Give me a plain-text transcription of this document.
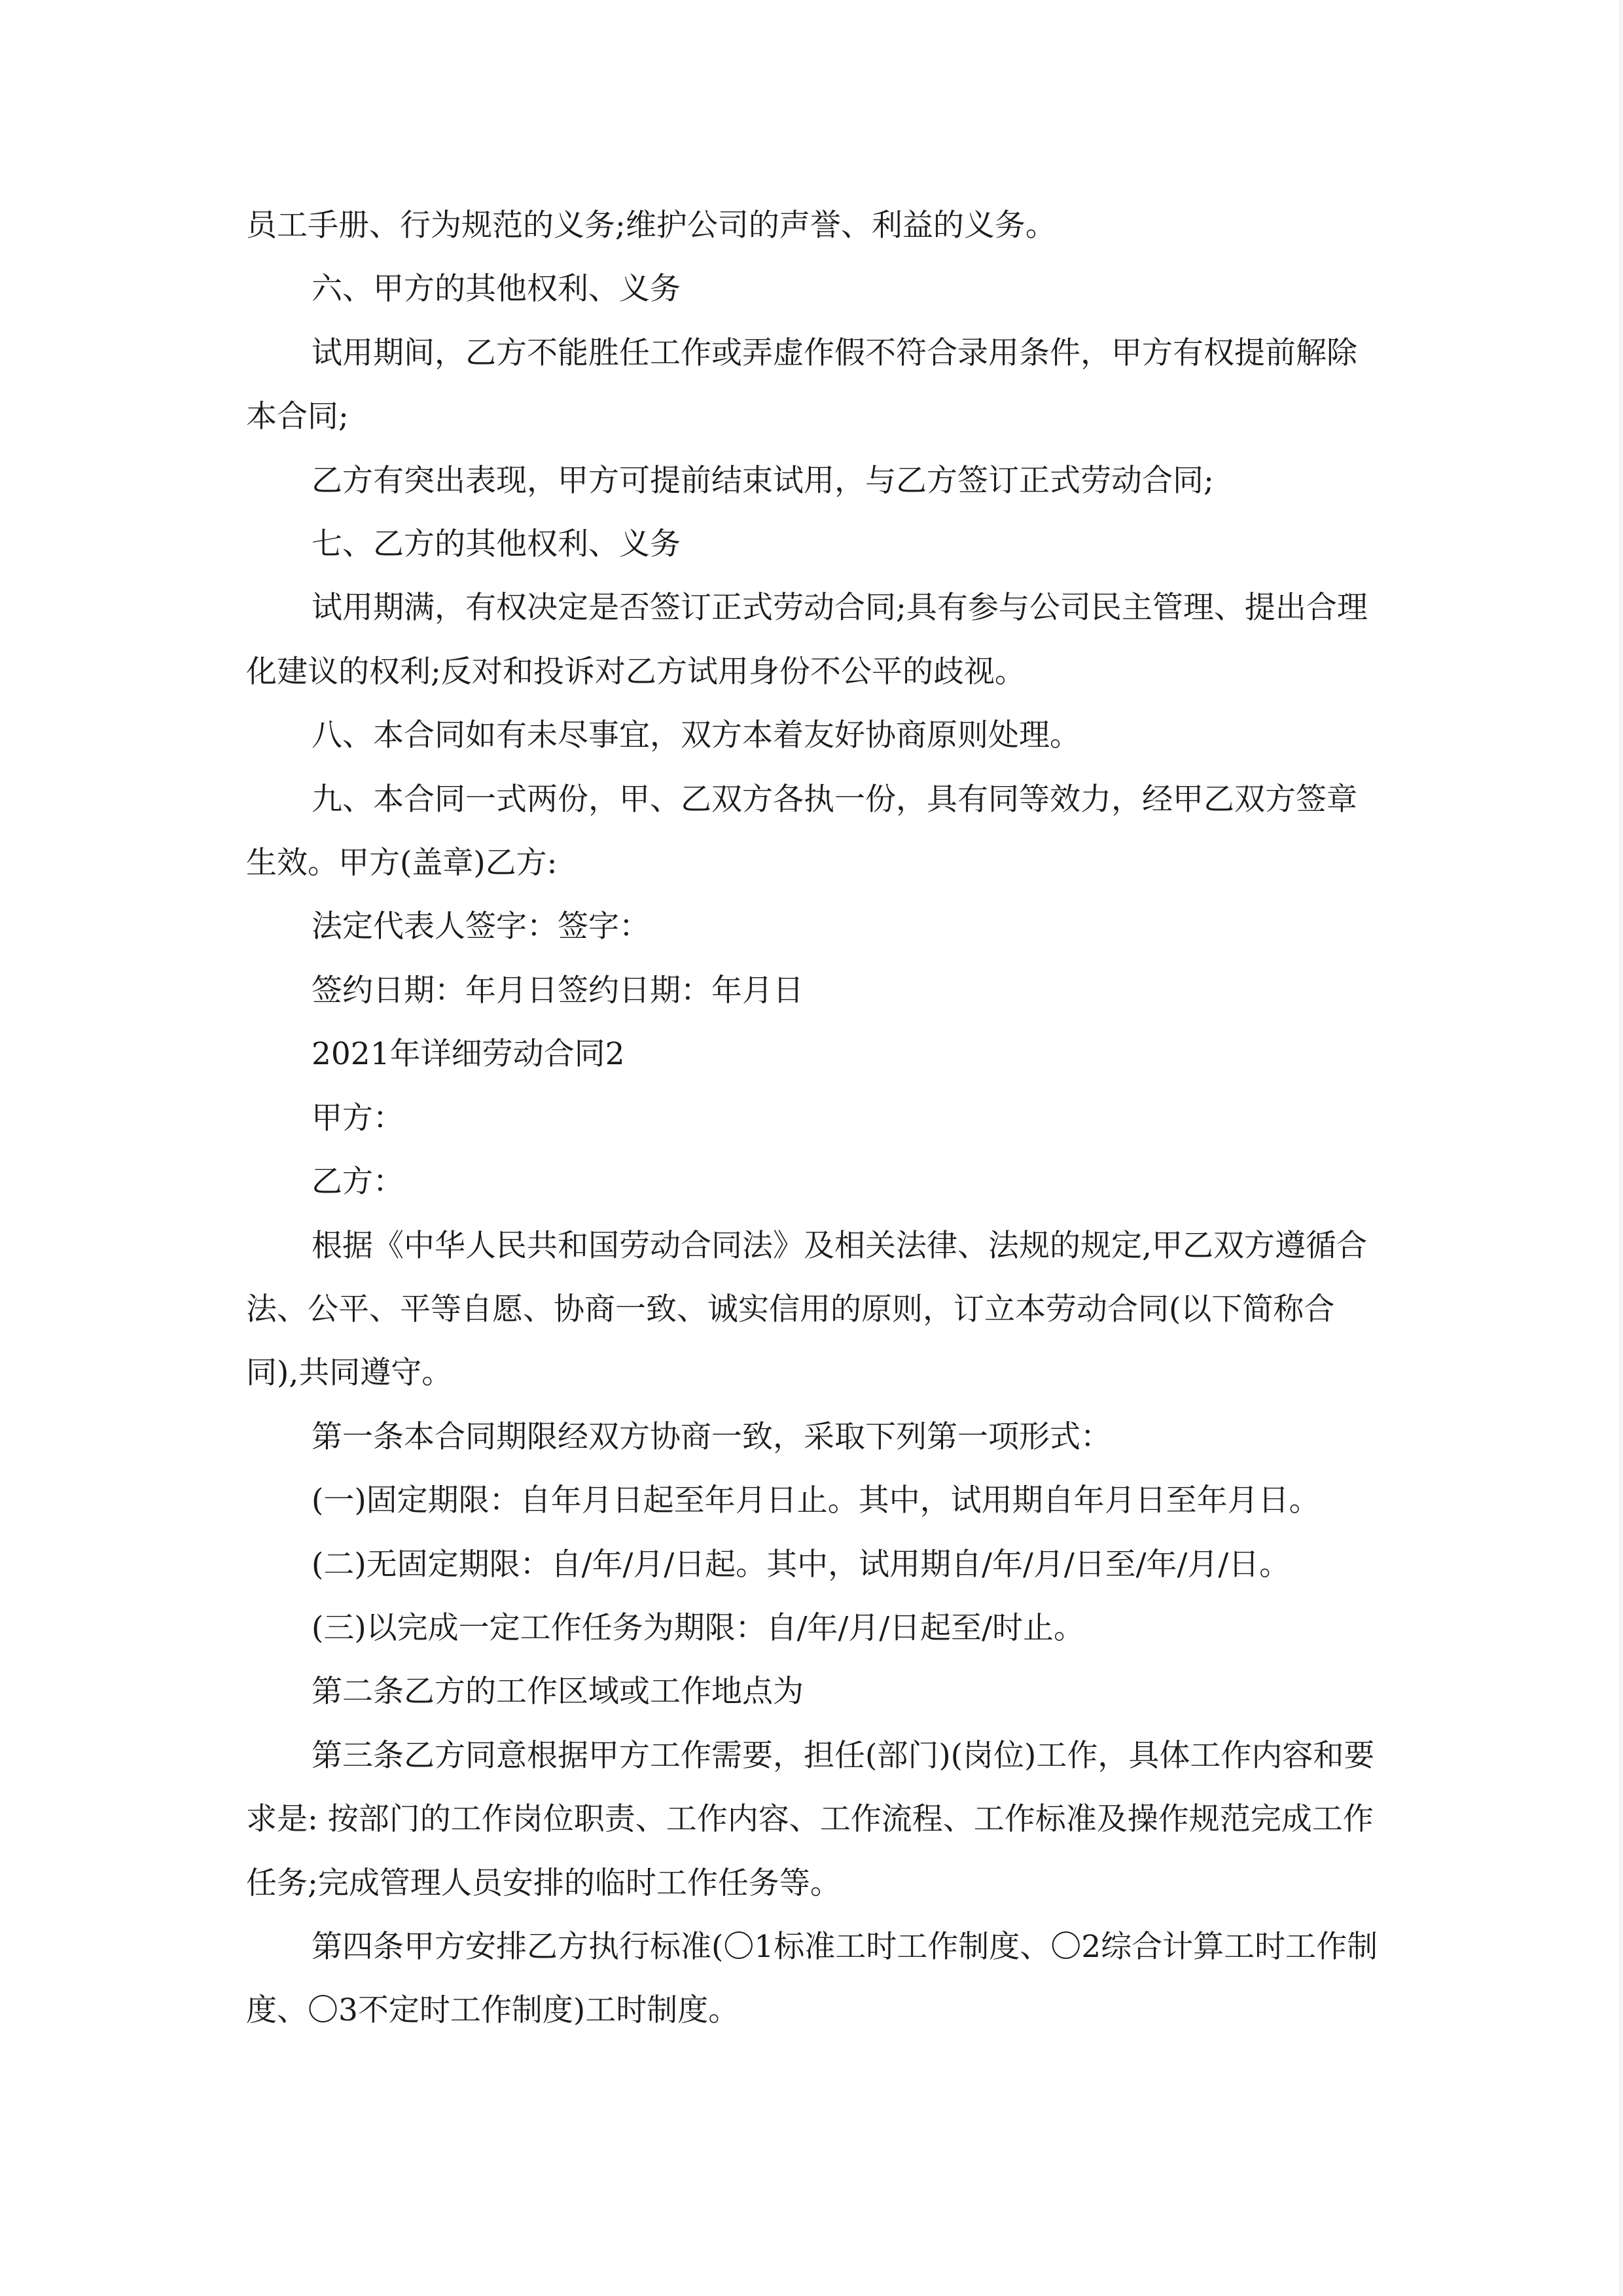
员工手册、行为规范的义务;维护公司的声誉、利益的义务。

六、甲方的其他权利、义务

试用期间，乙方不能胜任工作或弄虚作假不符合录用条件，甲方有权提前解除本合同;

乙方有突出表现，甲方可提前结束试用，与乙方签订正式劳动合同;

七、乙方的其他权利、义务

试用期满，有权决定是否签订正式劳动合同;具有参与公司民主管理、提出合理化建议的权利;反对和投诉对乙方试用身份不公平的歧视。

八、本合同如有未尽事宜，双方本着友好协商原则处理。

九、本合同一式两份，甲、乙双方各执一份，具有同等效力，经甲乙双方签章生效。甲方(盖章)乙方:

法定代表人签字：签字：

签约日期：年月日签约日期：年月日

2021年详细劳动合同2

甲方：

乙方：

根据《中华人民共和国劳动合同法》及相关法律、法规的规定,甲乙双方遵循合法、公平、平等自愿、协商一致、诚实信用的原则，订立本劳动合同(以下简称合同),共同遵守。

第一条本合同期限经双方协商一致，采取下列第一项形式：

(一)固定期限：自年月日起至年月日止。其中，试用期自年月日至年月日。

(二)无固定期限：自/年/月/日起。其中，试用期自/年/月/日至/年/月/日。

(三)以完成一定工作任务为期限：自/年/月/日起至/时止。

第二条乙方的工作区域或工作地点为

第三条乙方同意根据甲方工作需要，担任(部门)(岗位)工作，具体工作内容和要求是: 按部门的工作岗位职责、工作内容、工作流程、工作标准及操作规范完成工作任务;完成管理人员安排的临时工作任务等。

第四条甲方安排乙方执行标准(〇1标准工时工作制度、〇2综合计算工时工作制度、〇3不定时工作制度)工时制度。
